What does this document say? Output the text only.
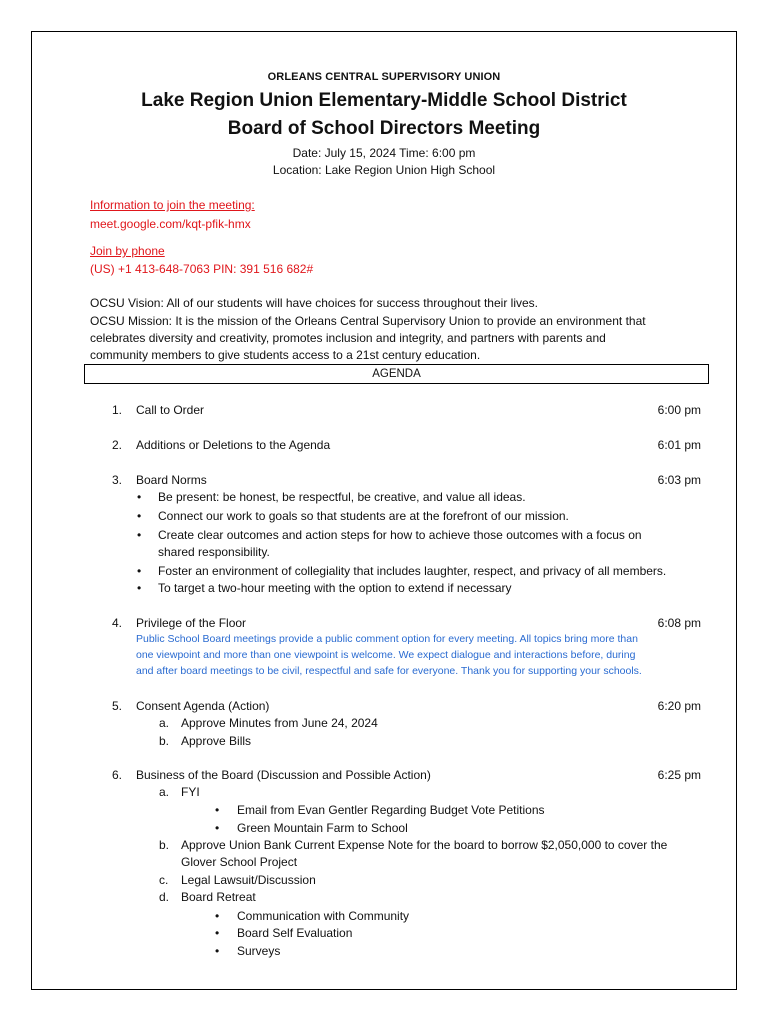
ORLEANS CENTRAL SUPERVISORY UNION
Lake Region Union Elementary-Middle School District
Board of School Directors Meeting
Date: July 15, 2024 Time: 6:00 pm
Location: Lake Region Union High School
Information to join the meeting:
meet.google.com/kqt-pfik-hmx
Join by phone
(US) +1 413-648-7063 PIN: 391 516 682#
OCSU Vision: All of our students will have choices for success throughout their lives.
OCSU Mission: It is the mission of the Orleans Central Supervisory Union to provide an environment that
celebrates diversity and creativity, promotes inclusion and integrity, and partners with parents and
community members to give students access to a 21st century education.
AGENDA
1. Call to Order	6:00 pm
2. Additions or Deletions to the Agenda	6:01 pm
3. Board Norms	6:03 pm
• Be present: be honest, be respectful, be creative, and value all ideas.
• Connect our work to goals so that students are at the forefront of our mission.
• Create clear outcomes and action steps for how to achieve those outcomes with a focus on
shared responsibility.
• Foster an environment of collegiality that includes laughter, respect, and privacy of all members.
• To target a two-hour meeting with the option to extend if necessary
4. Privilege of the Floor	6:08 pm
Public School Board meetings provide a public comment option for every meeting. All topics bring more than
one viewpoint and more than one viewpoint is welcome. We expect dialogue and interactions before, during
and after board meetings to be civil, respectful and safe for everyone. Thank you for supporting your schools.
5. Consent Agenda (Action)	6:20 pm
a. Approve Minutes from June 24, 2024
b. Approve Bills
6. Business of the Board (Discussion and Possible Action)	6:25 pm
a. FYI
• Email from Evan Gentler Regarding Budget Vote Petitions
• Green Mountain Farm to School
b. Approve Union Bank Current Expense Note for the board to borrow $2,050,000 to cover the
Glover School Project
c. Legal Lawsuit/Discussion
d. Board Retreat
• Communication with Community
• Board Self Evaluation
• Surveys
